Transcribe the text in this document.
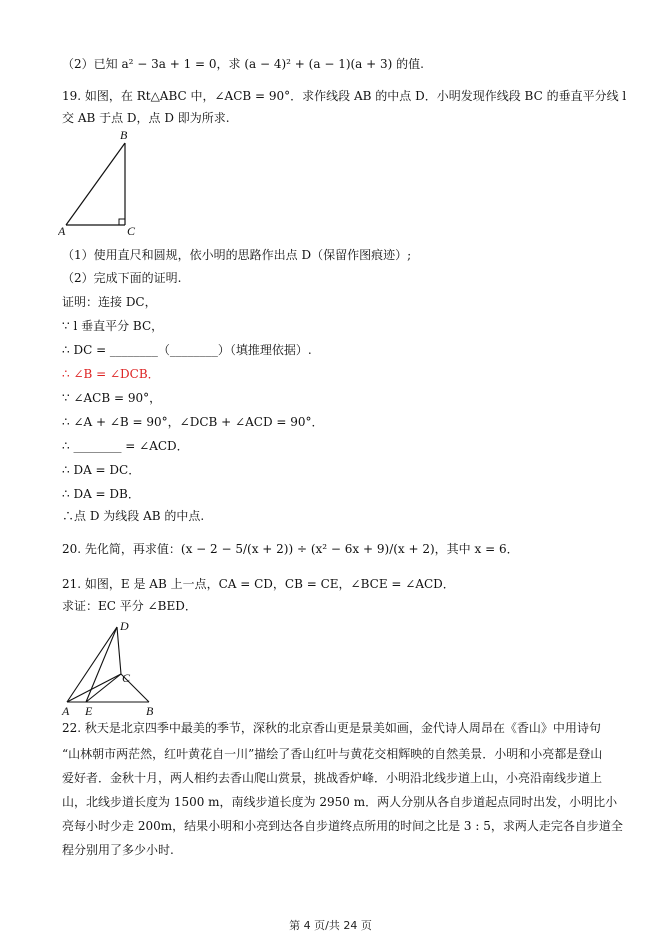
（2）已知 a² − 3a + 1 = 0，求 (a − 4)² + (a − 1)(a + 3) 的值.
19. 如图，在 Rt△ABC 中，∠ACB = 90°．求作线段 AB 的中点 D．小明发现作线段 BC 的垂直平分线 l
交 AB 于点 D，点 D 即为所求.
B
A	C
（1）使用直尺和圆规，依小明的思路作出点 D（保留作图痕迹）;
（2）完成下面的证明.
证明：连接 DC，
∵ l 垂直平分 BC，
∴ DC = ________（________）（填推理依据）.
∴ ∠B = ∠DCB．
∵ ∠ACB = 90°，
∴ ∠A + ∠B = 90°，∠DCB + ∠ACD = 90°．
∴ ________ = ∠ACD．
∴ DA = DC．
∴ DA = DB．
∴点 D 为线段 AB 的中点.
20. 先化简，再求值：(x − 2 − 5/(x + 2)) ÷ (x² − 6x + 9)/(x + 2)，其中 x = 6．
21. 如图，E 是 AB 上一点，CA = CD，CB = CE，∠BCE = ∠ACD．
求证：EC 平分 ∠BED．
D
C
A E	B
22. 秋天是北京四季中最美的季节，深秋的北京香山更是景美如画，金代诗人周昂在《香山》中用诗句
“山林朝市两茫然，红叶黄花自一川”描绘了香山红叶与黄花交相辉映的自然美景．小明和小亮都是登山
爱好者．金秋十月，两人相约去香山爬山赏景，挑战香炉峰．小明沿北线步道上山，小亮沿南线步道上
山，北线步道长度为 1500 m，南线步道长度为 2950 m．两人分别从各自步道起点同时出发，小明比小
亮每小时少走 200m，结果小明和小亮到达各自步道终点所用的时间之比是 3 : 5，求两人走完各自步道全
程分别用了多少小时.
第 4 页/共 24 页
